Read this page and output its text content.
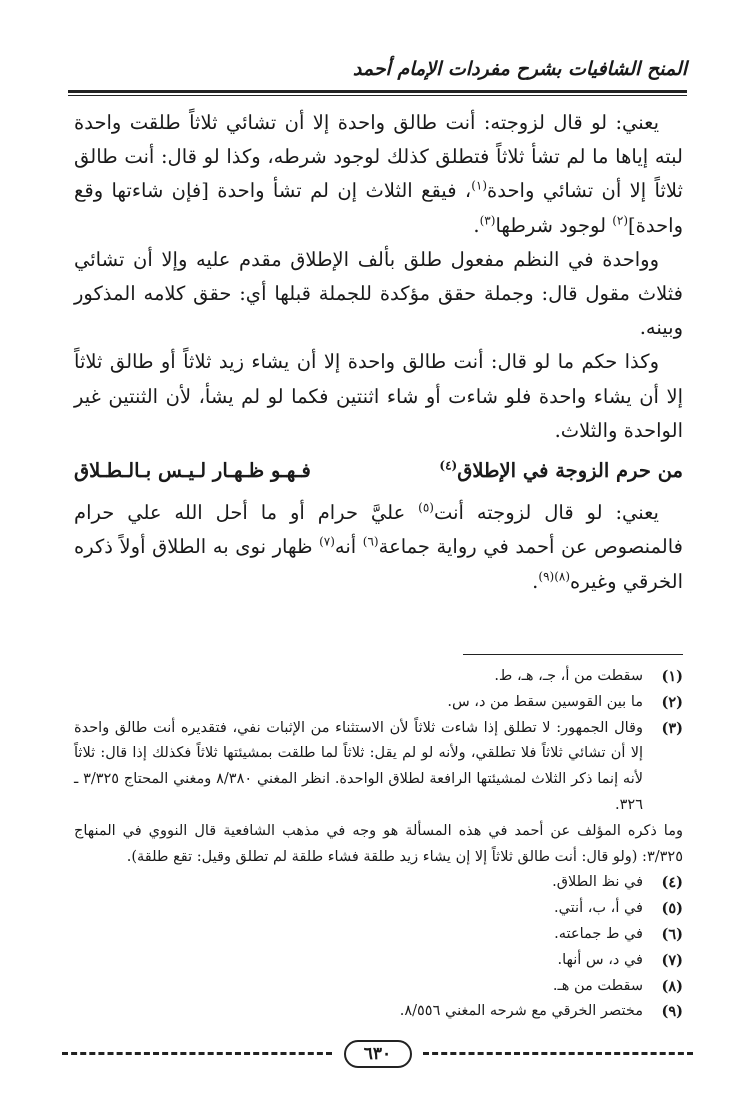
المنح الشافيات بشرح مفردات الإمام أحمد

يعني: لو قال لزوجته: أنت طالق واحدة إلا أن تشائي ثلاثاً طلقت واحدة لبته إياها ما لم تشأ ثلاثاً فتطلق كذلك لوجود شرطه، وكذا لو قال: أنت طالق ثلاثاً إلا أن تشائي واحدة$^{(١)}$، فيقع الثلاث إن لم تشأ واحدة [فإن شاءتها وقع واحدة]$^{(٢)}$ لوجود شرطها$^{(٣)}$.

وواحدة في النظم مفعول طلق بألف الإطلاق مقدم عليه وإلا أن تشائي فثلاث مقول قال: وجملة حقق مؤكدة للجملة قبلها أي: حقق كلامه المذكور وبينه.

وكذا حكم ما لو قال: أنت طالق واحدة إلا أن يشاء زيد ثلاثاً أو طالق ثلاثاً إلا أن يشاء واحدة فلو شاءت أو شاء اثنتين فكما لو لم يشأ، لأن الثنتين غير الواحدة والثلاث.

من حرم الزوجة في الإطلاق$^{(٤)}$
فـهـو ظـهـار لـيـس بـالـطـلاق

يعني: لو قال لزوجته أنت$^{(٥)}$ عليَّ حرام أو ما أحل الله علي حرام فالمنصوص عن أحمد في رواية جماعة$^{(٦)}$ أنه$^{(٧)}$ ظهار نوى به الطلاق أولاً ذكره الخرقي وغيره$^{(٨)(٩)}$.

(١)
سقطت من أ، جـ، هـ، ط.
(٢)
ما بين القوسين سقط من د، س.
(٣)
وقال الجمهور: لا تطلق إذا شاءت ثلاثاً لأن الاستثناء من الإثبات نفي، فتقديره أنت طالق واحدة إلا أن تشائي ثلاثاً فلا تطلقي، ولأنه لو لم يقل: ثلاثاً لما طلقت بمشيئتها ثلاثاً فكذلك إذا قال: ثلاثاً لأنه إنما ذكر الثلاث لمشيئتها الرافعة لطلاق الواحدة. انظر المغني ٨/٣٨٠ ومغني المحتاج ٣/٣٢٥ ـ ٣٢٦.
وما ذكره المؤلف عن أحمد في هذه المسألة هو وجه في مذهب الشافعية قال النووي في المنهاج ٣/٣٢٥: (ولو قال: أنت طالق ثلاثاً إلا إن يشاء زيد طلقة فشاء طلقة لم تطلق وقيل: تقع طلقة).
(٤)
في نظ الطلاق.
(٥)
في أ، ب، أنتي.
(٦)
في ط جماعته.
(٧)
في د، س أنها.
(٨)
سقطت من هـ.
(٩)
مختصر الخرقي مع شرحه المغني ٨/٥٥٦.
٦٣٠
